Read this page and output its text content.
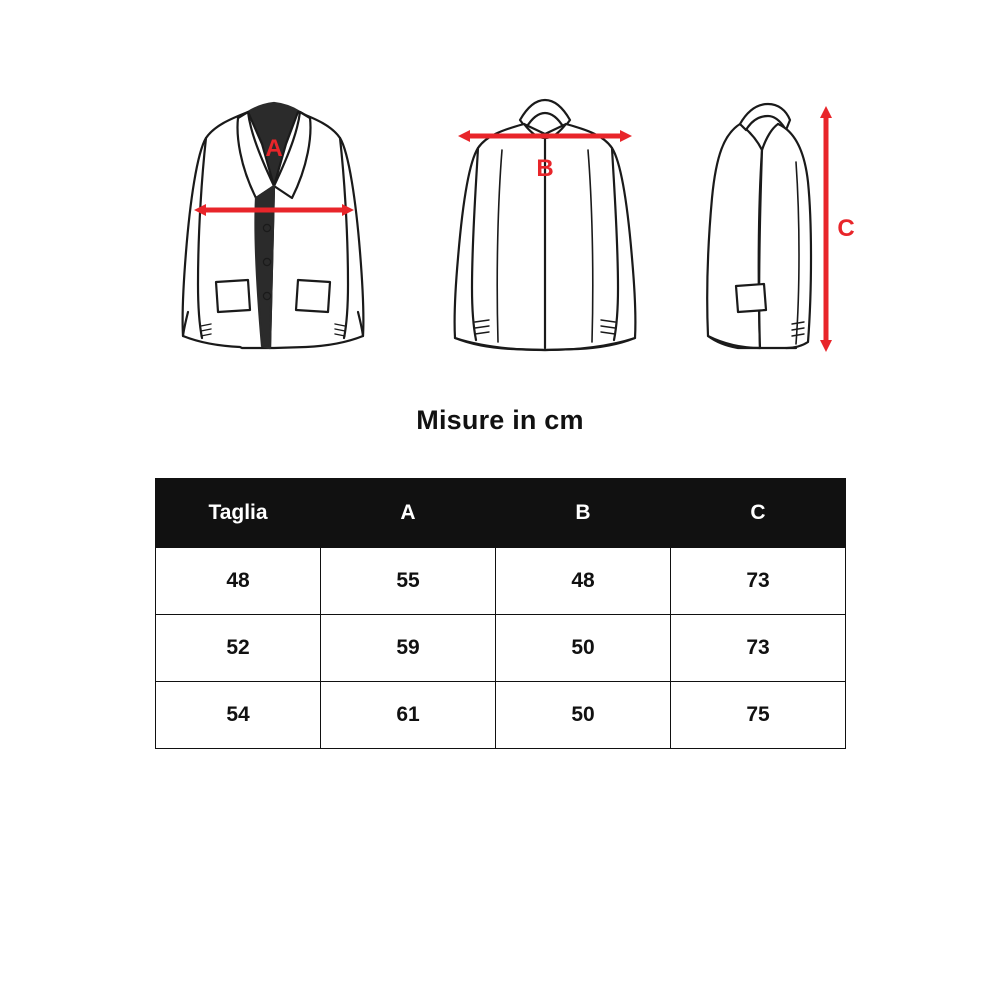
A
B
C
Misure in cm
Taglia	A	B	C
48	55	48	73
52	59	50	73
54	61	50	75
